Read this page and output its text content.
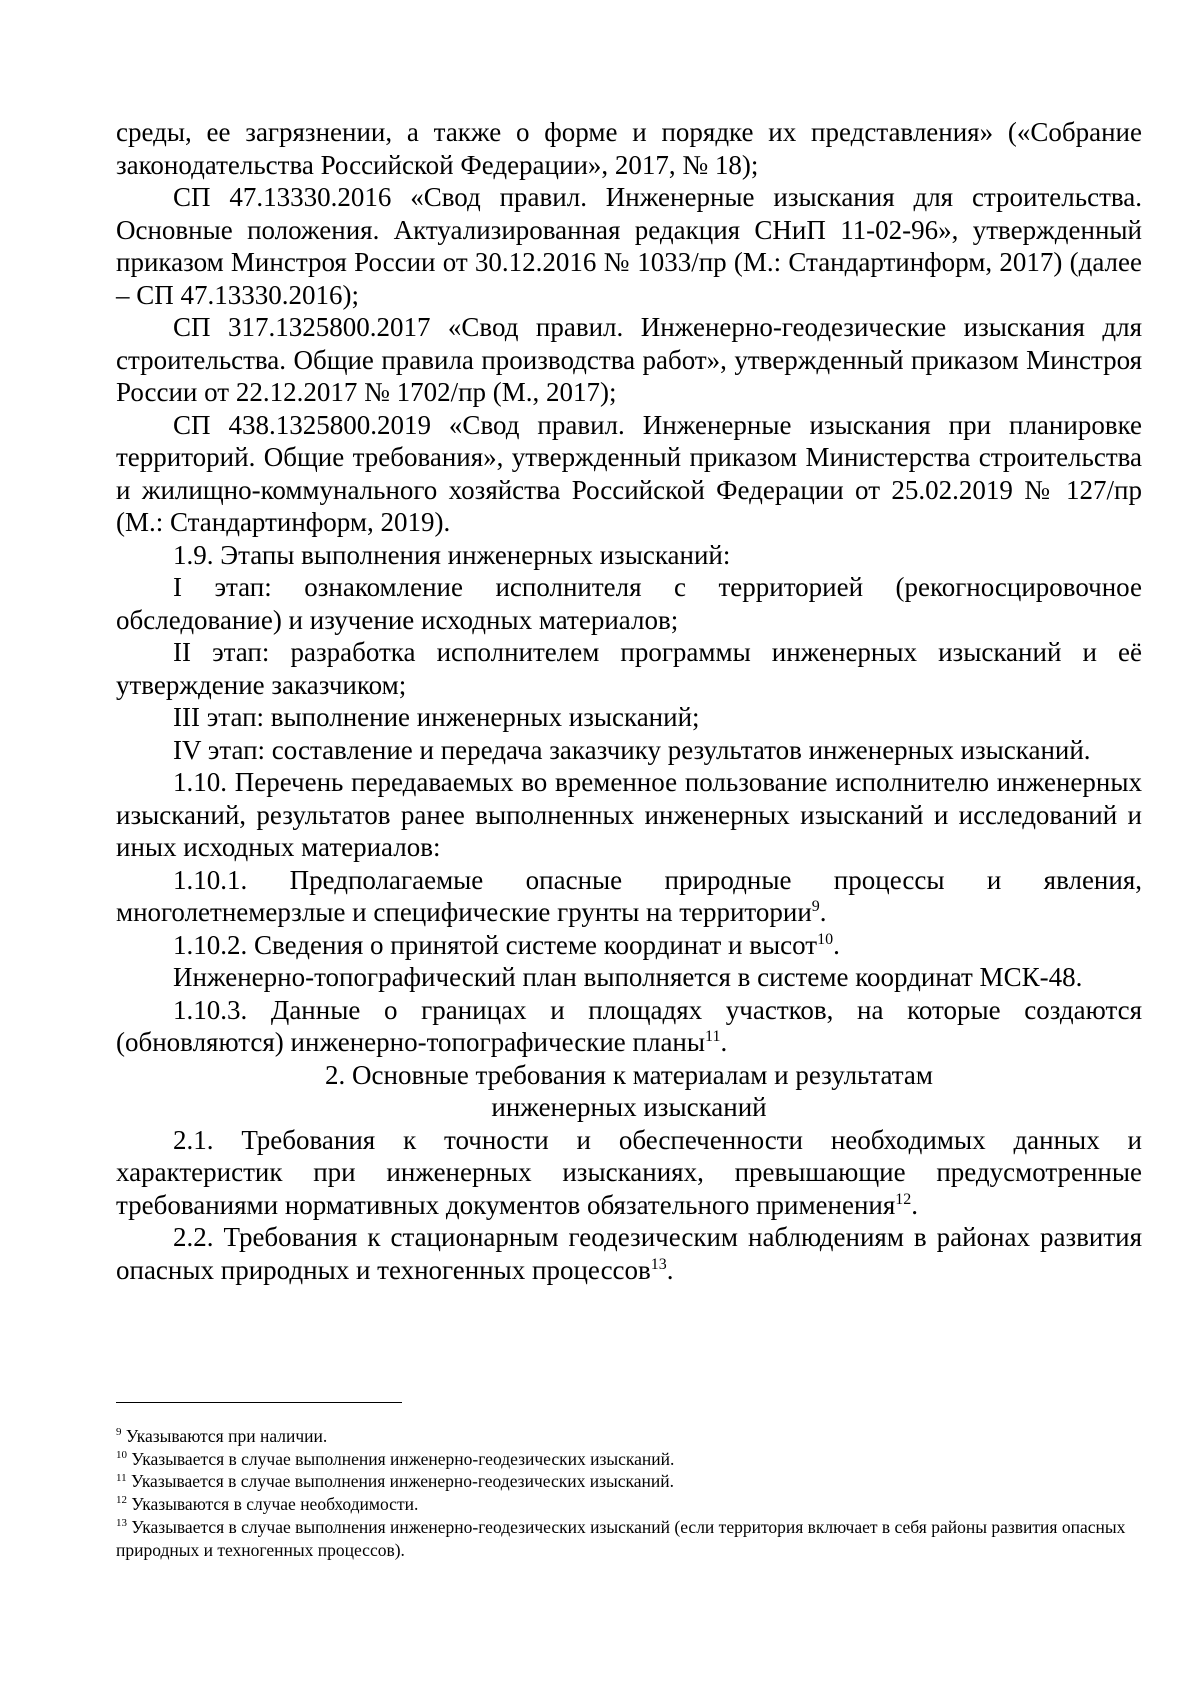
среды, ее загрязнении, а также о форме и порядке их представления» («Собрание законодательства Российской Федерации», 2017, № 18);

СП 47.13330.2016 «Свод правил. Инженерные изыскания для строительства. Основные положения. Актуализированная редакция СНиП 11-02-96», утвержденный приказом Минстроя России от 30.12.2016 № 1033/пр (М.: Стандартинформ, 2017) (далее – СП 47.13330.2016);

СП 317.1325800.2017 «Свод правил. Инженерно-геодезические изыскания для строительства. Общие правила производства работ», утвержденный приказом Минстроя России от 22.12.2017 № 1702/пр (М., 2017);

СП 438.1325800.2019 «Свод правил. Инженерные изыскания при планировке территорий. Общие требования», утвержденный приказом Министерства строительства и жилищно-коммунального хозяйства Российской Федерации от 25.02.2019 № 127/пр (М.: Стандартинформ, 2019).

1.9. Этапы выполнения инженерных изысканий:

I этап: ознакомление исполнителя с территорией (рекогносцировочное обследование) и изучение исходных материалов;

II этап: разработка исполнителем программы инженерных изысканий и её утверждение заказчиком;

III этап: выполнение инженерных изысканий;

IV этап: составление и передача заказчику результатов инженерных изысканий.

1.10. Перечень передаваемых во временное пользование исполнителю инженерных изысканий, результатов ранее выполненных инженерных изысканий и исследований и иных исходных материалов:

1.10.1. Предполагаемые опасные природные процессы и явления, многолетнемерзлые и специфические грунты на территории$^9$.

1.10.2. Сведения о принятой системе координат и высот$^{10}$.

Инженерно-топографический план выполняется в системе координат МСК-48.

1.10.3. Данные о границах и площадях участков, на которые создаются (обновляются) инженерно-топографические планы$^{11}$.

2. Основные требования к материалам и результатам

инженерных изысканий

2.1. Требования к точности и обеспеченности необходимых данных и характеристик при инженерных изысканиях, превышающие предусмотренные требованиями нормативных документов обязательного применения$^{12}$.

2.2. Требования к стационарным геодезическим наблюдениям в районах развития опасных природных и техногенных процессов$^{13}$.

$^9$ Указываются при наличии.

$^{10}$ Указывается в случае выполнения инженерно-геодезических изысканий.

$^{11}$ Указывается в случае выполнения инженерно-геодезических изысканий.

$^{12}$ Указываются в случае необходимости.

$^{13}$ Указывается в случае выполнения инженерно-геодезических изысканий (если территория включает в себя районы развития опасных природных и техногенных процессов).
